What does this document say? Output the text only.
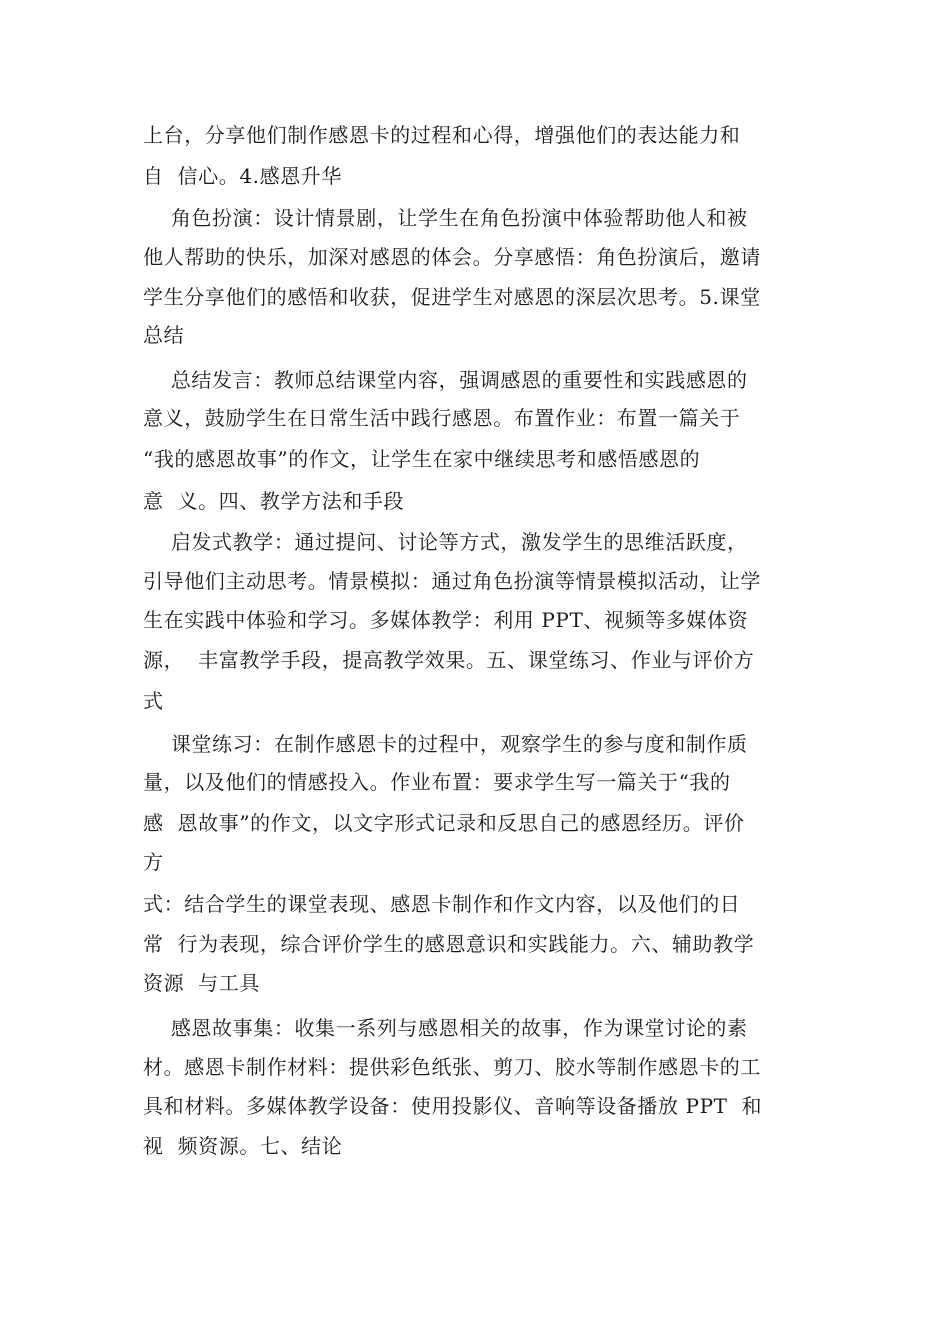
上台，分享他们制作感恩卡的过程和心得，增强他们的表达能力和

自  信心。4.感恩升华

角色扮演：设计情景剧，让学生在角色扮演中体验帮助他人和被

他人帮助的快乐，加深对感恩的体会。分享感悟：角色扮演后，邀请

学生分享他们的感悟和收获，促进学生对感恩的深层次思考。5.课堂

总结

总结发言：教师总结课堂内容，强调感恩的重要性和实践感恩的

意义，鼓励学生在日常生活中践行感恩。布置作业：布置一篇关于

“我的感恩故事”的作文，让学生在家中继续思考和感悟感恩的

意  义。四、教学方法和手段

启发式教学：通过提问、讨论等方式，激发学生的思维活跃度，

引导他们主动思考。情景模拟：通过角色扮演等情景模拟活动，让学

生在实践中体验和学习。多媒体教学：利用 PPT、视频等多媒体资

源，  丰富教学手段，提高教学效果。五、课堂练习、作业与评价方

式

课堂练习：在制作感恩卡的过程中，观察学生的参与度和制作质

量，以及他们的情感投入。作业布置：要求学生写一篇关于“我的

感  恩故事”的作文，以文字形式记录和反思自己的感恩经历。评价

方

式：结合学生的课堂表现、感恩卡制作和作文内容，以及他们的日

常  行为表现，综合评价学生的感恩意识和实践能力。六、辅助教学

资源  与工具

感恩故事集：收集一系列与感恩相关的故事，作为课堂讨论的素

材。感恩卡制作材料：提供彩色纸张、剪刀、胶水等制作感恩卡的工

具和材料。多媒体教学设备：使用投影仪、音响等设备播放 PPT  和

视  频资源。七、结论
